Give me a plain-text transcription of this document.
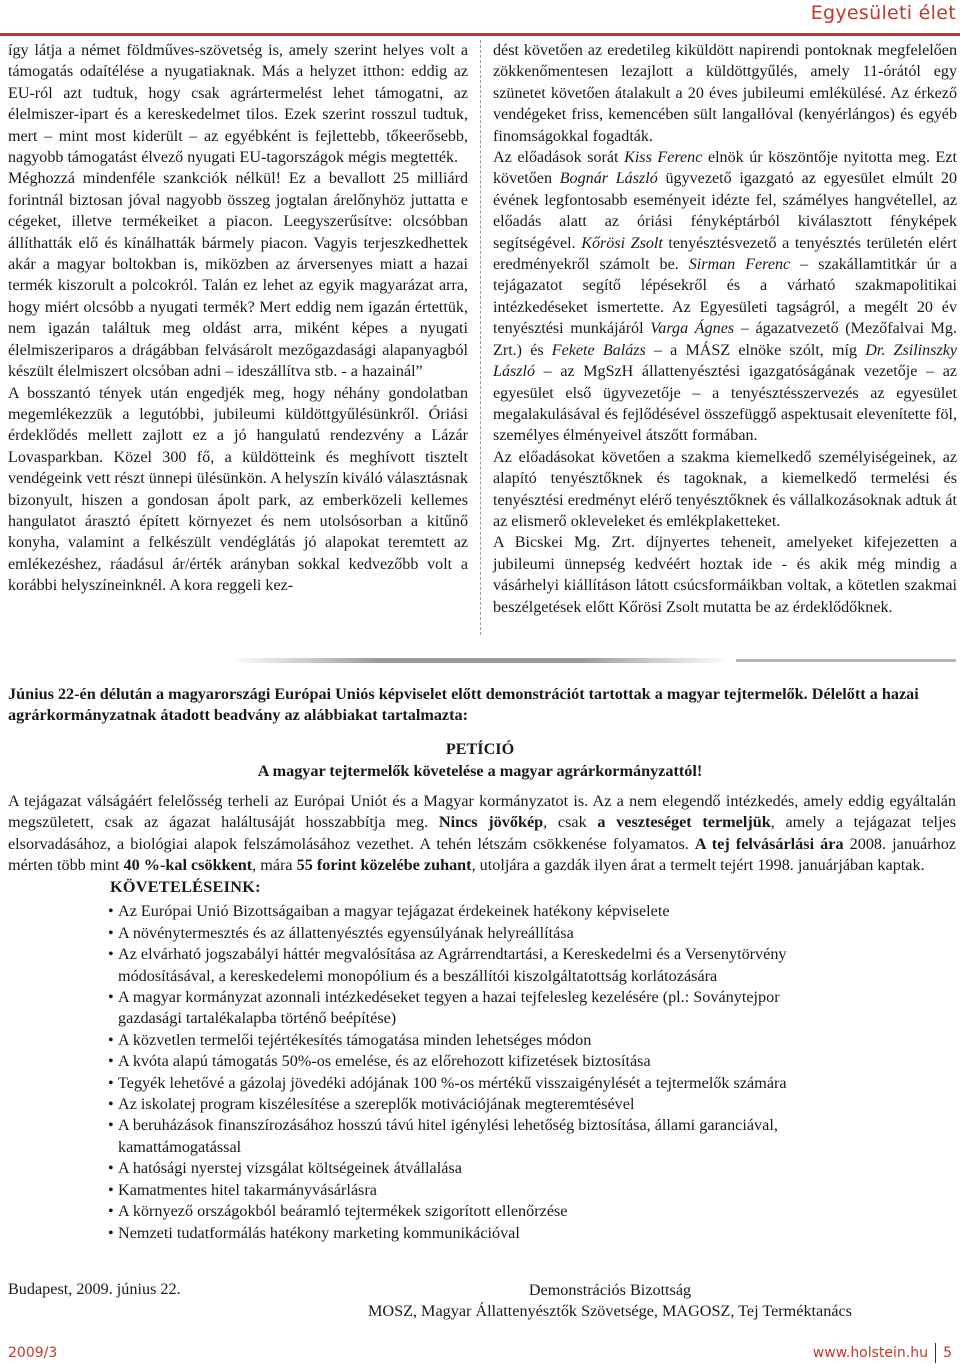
Egyesületi élet

így látja a német földműves-szövetség is, amely szerint helyes volt a támogatás odaítélése a nyugatiaknak. Más a helyzet itthon: eddig az EU-ról azt tudtuk, hogy csak agrártermelést lehet támogatni, az élelmiszer-ipart és a kereskedelmet tilos. Ezek szerint rosszul tudtuk, mert – mint most kiderült – az egyébként is fejlettebb, tőkeerősebb, nagyobb támogatást élvező nyugati EU-tagországok mégis megtették.

Méghozzá mindenféle szankciók nélkül! Ez a bevallott 25 milliárd forintnál biztosan jóval nagyobb összeg jogtalan árelőnyhöz juttatta e cégeket, illetve termékeiket a piacon. Leegyszerűsítve: olcsóbban állíthatták elő és kínálhatták bármely piacon. Vagyis terjeszkedhettek akár a magyar boltokban is, miközben az árversenyes miatt a hazai termék kiszorult a polcokról. Talán ez lehet az egyik magyarázat arra, hogy miért olcsóbb a nyugati termék? Mert eddig nem igazán értettük, nem igazán találtuk meg oldást arra, miként képes a nyugati élelmiszeriparos a drágábban felvásárolt mezőgazdasági alapanyagból készült élelmiszert olcsóban adni – ideszállítva stb. - a hazainál”

A bosszantó tények után engedjék meg, hogy néhány gondolatban megemlékezzük a legutóbbi, jubileumi küldöttgyűlésünkről. Óriási érdeklődés mellett zajlott ez a jó hangulatú rendezvény a Lázár Lovasparkban. Közel 300 fő, a küldötteink és meghívott tisztelt vendégeink vett részt ünnepi ülésünkön. A helyszín kiváló választásnak bizonyult, hiszen a gondosan ápolt park, az emberközeli kellemes hangulatot árasztó épített környezet és nem utolsósorban a kitűnő konyha, valamint a felkészült vendéglátás jó alapokat teremtett az emlékezéshez, ráadásul ár/érték arányban sokkal kedvezőbb volt a korábbi helyszíneinknél. A kora reggeli kez-

dést követően az eredetileg kiküldött napirendi pontoknak megfelelően zökkenőmentesen lezajlott a küldöttgyűlés, amely 11-órától egy szünetet követően átalakult a 20 éves jubileumi emlékülésé. Az érkező vendégeket friss, kemencében sült langallóval (kenyérlángos) és egyéb finomságokkal fogadták.

Az előadások sorát Kiss Ferenc elnök úr köszöntője nyitotta meg. Ezt követően Bognár László ügyvezető igazgató az egyesület elmúlt 20 évének legfontosabb eseményeit idézte fel, számélyes hangvétellel, az előadás alatt az óriási fényképtárból kiválasztott fényképek segítségével. Kőrösi Zsolt tenyésztésvezető a tenyésztés területén elért eredményekről számolt be. Sirman Ferenc – szakállamtitkár úr a tejágazatot segítő lépésekről és a várható szakmapolitikai intézkedéseket ismertette. Az Egyesületi tagságról, a megélt 20 év tenyésztési munkájáról Varga Ágnes – ágazatvezető (Mezőfalvai Mg. Zrt.) és Fekete Balázs – a MÁSZ elnöke szólt, míg Dr. Zsilinszky László – az MgSzH állattenyésztési igazgatóságának vezetője – az egyesület első ügyvezetője – a tenyésztésszervezés az egyesület megalakulásával és fejlődésével összefüggő aspektusait elevenítette föl, személyes élményeivel átszőtt formában.

Az előadásokat követően a szakma kiemelkedő személyiségeinek, az alapító tenyésztőknek és tagoknak, a kiemelkedő termelési és tenyésztési eredményt elérő tenyésztőknek és vállalkozásoknak adtuk át az elismerő okleveleket és emlékplaketteket.

A Bicskei Mg. Zrt. díjnyertes teheneit, amelyeket kifejezetten a jubileumi ünnepség kedvéért hoztak ide - és akik még mindig a vásárhelyi kiállításon látott csúcsformáikban voltak, a kötetlen szakmai beszélgetések előtt Kőrösi Zsolt mutatta be az érdeklődőknek.

Június 22-én délután a magyarországi Európai Uniós képviselet előtt demonstrációt tartottak a magyar tejtermelők. Délelőtt a hazai agrárkormányzatnak átadott beadvány az alábbiakat tartalmazta:
PETÍCIÓ
A magyar tejtermelők követelése a magyar agrárkormányzattól!
A tejágazat válságáért felelősség terheli az Európai Uniót és a Magyar kormányzatot is. Az a nem elegendő intézkedés, amely eddig egyáltalán megszületett, csak az ágazat haláltusáját hosszabbítja meg. Nincs jövőkép, csak a veszteséget termeljük, amely a tejágazat teljes elsorvadásához, a biológiai alapok felszámolásához vezethet. A tehén létszám csökkenése folyamatos. A tej felvásárlási ára 2008. januárhoz mérten több mint 40 %-kal csökkent, mára 55 forint közelébe zuhant, utoljára a gazdák ilyen árat a termelt tejért 1998. januárjában kaptak.
KÖVETELÉSEINK:
• Az Európai Unió Bizottságaiban a magyar tejágazat érdekeinek hatékony képviselete
• A növénytermesztés és az állattenyésztés egyensúlyának helyreállítása
• Az elvárható jogszabályi háttér megvalósítása az Agrárrendtartási, a Kereskedelmi és a Versenytörvény
módosításával, a kereskedelemi monopólium és a beszállítói kiszolgáltatottság korlátozására
• A magyar kormányzat azonnali intézkedéseket tegyen a hazai tejfelesleg kezelésére (pl.: Soványtejpor
gazdasági tartalékalapba történő beépítése)
• A közvetlen termelői tejértékesítés támogatása minden lehetséges módon
• A kvóta alapú támogatás 50%-os emelése, és az előrehozott kifizetések biztosítása
• Tegyék lehetővé a gázolaj jövedéki adójának 100 %-os mértékű visszaigénylését a tejtermelők számára
• Az iskolatej program kiszélesítése a szereplők motivációjának megteremtésével
• A beruházások finanszírozásához hosszú távú hitel igénylési lehetőség biztosítása, állami garanciával,
kamattámogatással
• A hatósági nyerstej vizsgálat költségeinek átvállalása
• Kamatmentes hitel takarmányvásárlásra
• A környező országokból beáramló tejtermékek szigorított ellenőrzése
• Nemzeti tudatformálás hatékony marketing kommunikációval
Budapest, 2009. június 22.	Demonstrációs Bizottság
MOSZ, Magyar Állattenyésztők Szövetsége, MAGOSZ, Tej Terméktanács
2009/3	www.holstein.hu 5
